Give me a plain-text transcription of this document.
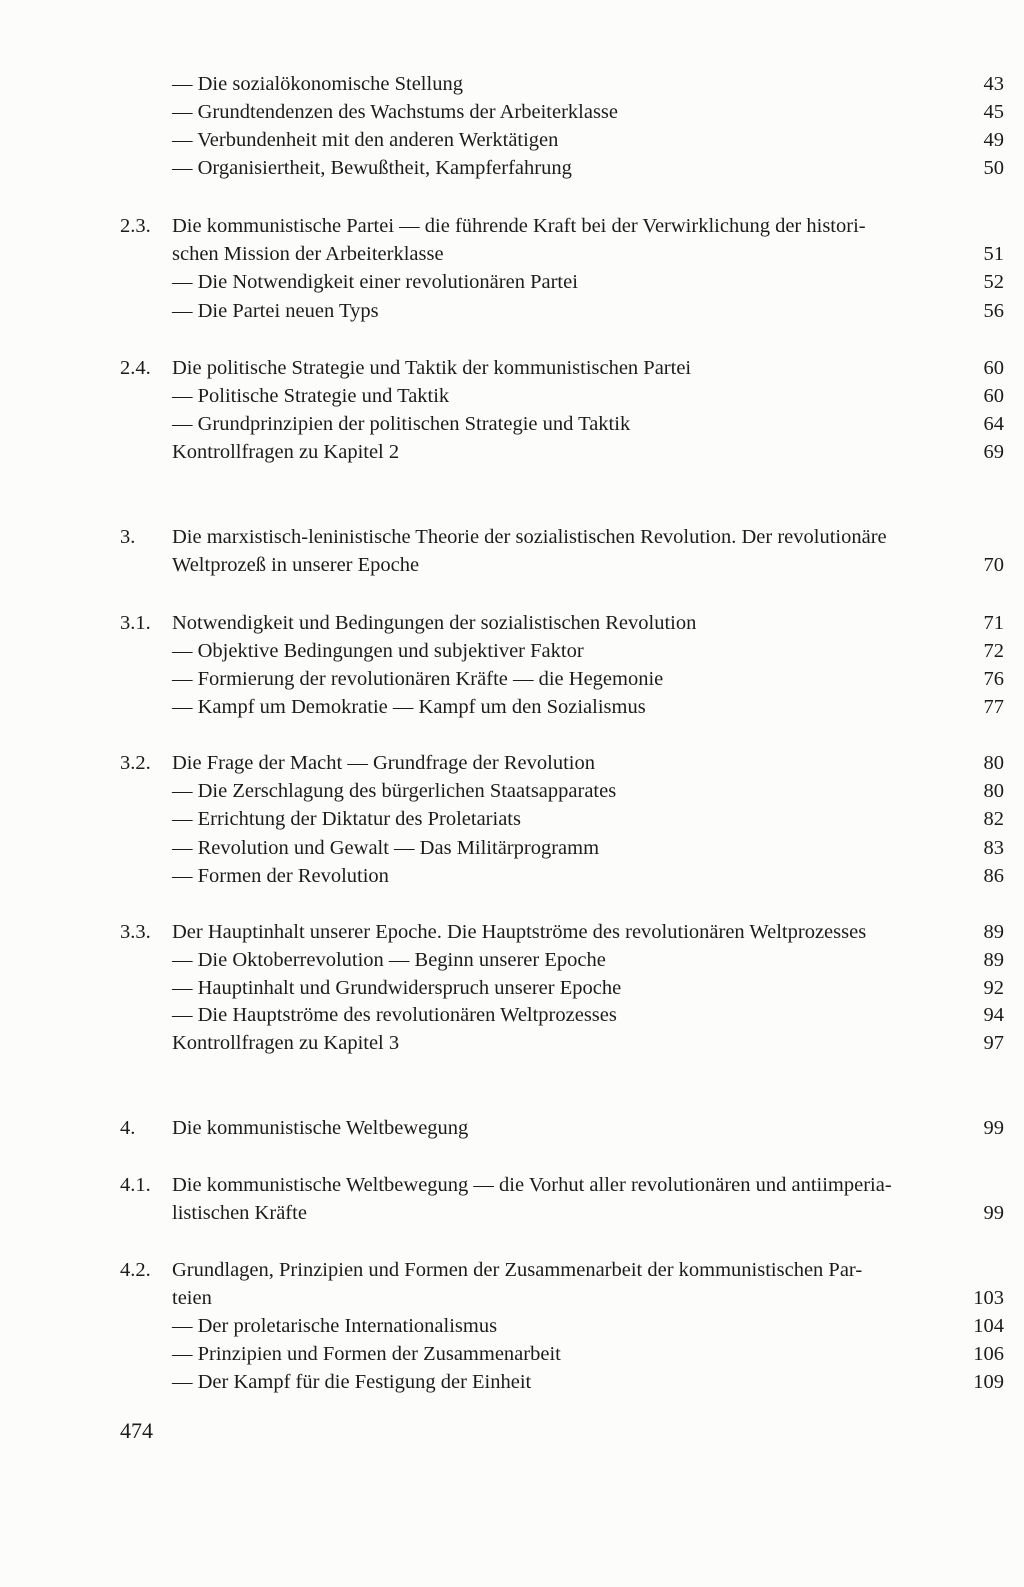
— Die sozialökonomische Stellung	43
— Grundtendenzen des Wachstums der Arbeiterklasse	45
— Verbundenheit mit den anderen Werktätigen	49
— Organisiertheit, Bewußtheit, Kampferfahrung	50
2.3. Die kommunistische Partei — die führende Kraft bei der Verwirklichung der histori-
schen Mission der Arbeiterklasse	51
— Die Notwendigkeit einer revolutionären Partei	52
— Die Partei neuen Typs	56
2.4. Die politische Strategie und Taktik der kommunistischen Partei	60
— Politische Strategie und Taktik	60
— Grundprinzipien der politischen Strategie und Taktik	64
Kontrollfragen zu Kapitel 2	69
3. Die marxistisch-leninistische Theorie der sozialistischen Revolution. Der revolutionäre
Weltprozeß in unserer Epoche	70
3.1. Notwendigkeit und Bedingungen der sozialistischen Revolution	71
— Objektive Bedingungen und subjektiver Faktor	72
— Formierung der revolutionären Kräfte — die Hegemonie	76
— Kampf um Demokratie — Kampf um den Sozialismus	77
3.2. Die Frage der Macht — Grundfrage der Revolution	80
— Die Zerschlagung des bürgerlichen Staatsapparates	80
— Errichtung der Diktatur des Proletariats	82
— Revolution und Gewalt — Das Militärprogramm	83
— Formen der Revolution	86
3.3. Der Hauptinhalt unserer Epoche. Die Hauptströme des revolutionären Weltprozesses	89
— Die Oktoberrevolution — Beginn unserer Epoche	89
— Hauptinhalt und Grundwiderspruch unserer Epoche	92
— Die Hauptströme des revolutionären Weltprozesses	94
Kontrollfragen zu Kapitel 3	97
4. Die kommunistische Weltbewegung	99
4.1. Die kommunistische Weltbewegung — die Vorhut aller revolutionären und antiimperia-
listischen Kräfte	99
4.2. Grundlagen, Prinzipien und Formen der Zusammenarbeit der kommunistischen Par-
teien	103
— Der proletarische Internationalismus	104
— Prinzipien und Formen der Zusammenarbeit	106
— Der Kampf für die Festigung der Einheit	109
474
